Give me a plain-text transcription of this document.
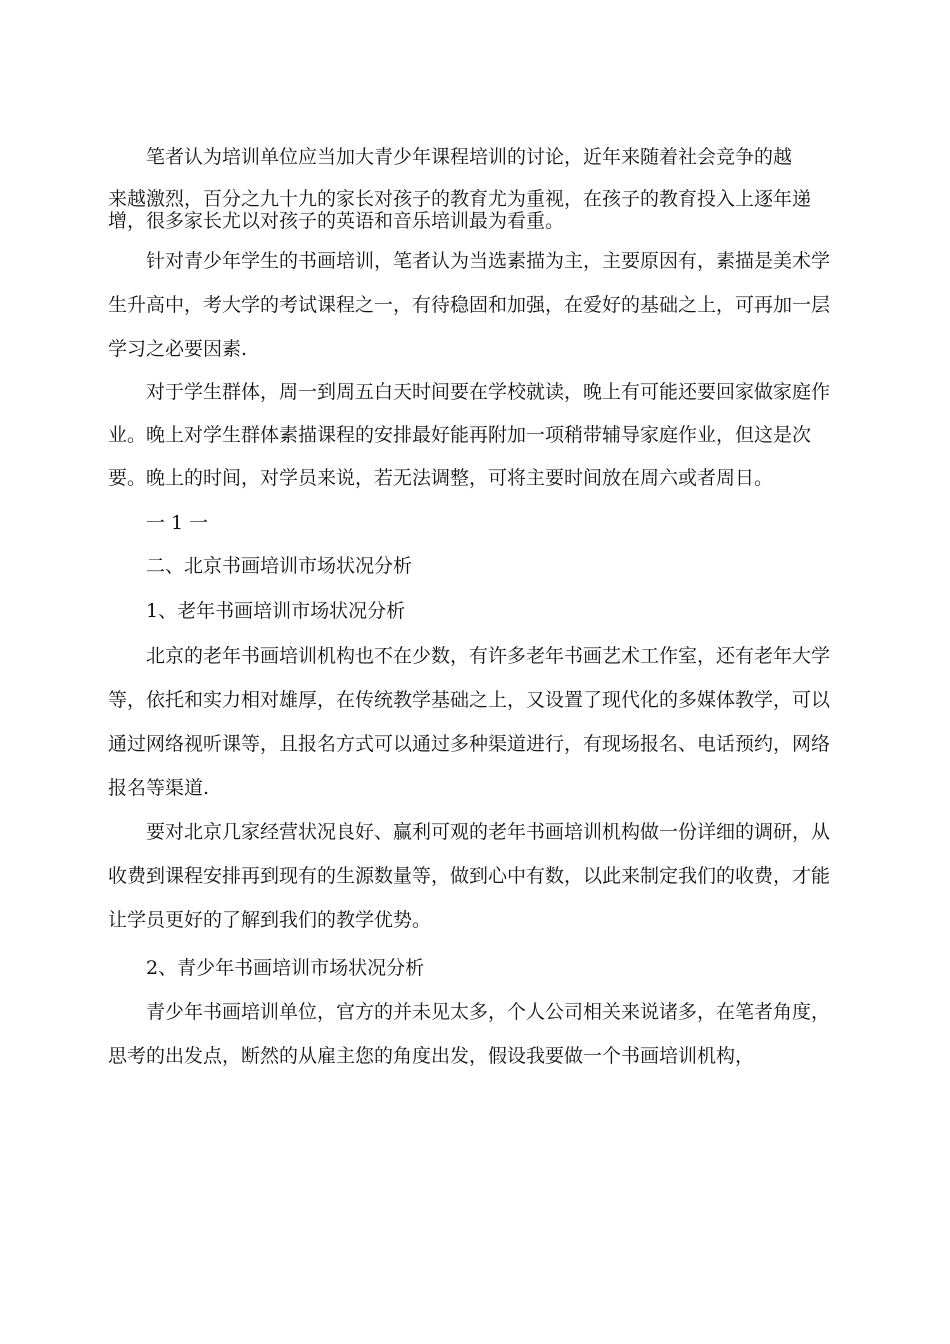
笔者认为培训单位应当加大青少年课程培训的讨论，近年来随着社会竞争的越
来越激烈，百分之九十九的家长对孩子的教育尤为重视，在孩子的教育投入上逐年递
增，很多家长尤以对孩子的英语和音乐培训最为看重。
针对青少年学生的书画培训，笔者认为当选素描为主，主要原因有，素描是美术学
生升高中，考大学的考试课程之一，有待稳固和加强，在爱好的基础之上，可再加一层
学习之必要因素.
对于学生群体，周一到周五白天时间要在学校就读，晚上有可能还要回家做家庭作
业。晚上对学生群体素描课程的安排最好能再附加一项稍带辅导家庭作业，但这是次
要。晚上的时间，对学员来说，若无法调整，可将主要时间放在周六或者周日。
一 1 一
二、北京书画培训市场状况分析
1、老年书画培训市场状况分析
北京的老年书画培训机构也不在少数，有许多老年书画艺术工作室，还有老年大学
等，依托和实力相对雄厚，在传统教学基础之上，又设置了现代化的多媒体教学，可以
通过网络视听课等，且报名方式可以通过多种渠道进行，有现场报名、电话预约，网络
报名等渠道.
要对北京几家经营状况良好、赢利可观的老年书画培训机构做一份详细的调研，从
收费到课程安排再到现有的生源数量等，做到心中有数，以此来制定我们的收费，才能
让学员更好的了解到我们的教学优势。
2、青少年书画培训市场状况分析
青少年书画培训单位，官方的并未见太多，个人公司相关来说诸多，在笔者角度，
思考的出发点，断然的从雇主您的角度出发，假设我要做一个书画培训机构，
